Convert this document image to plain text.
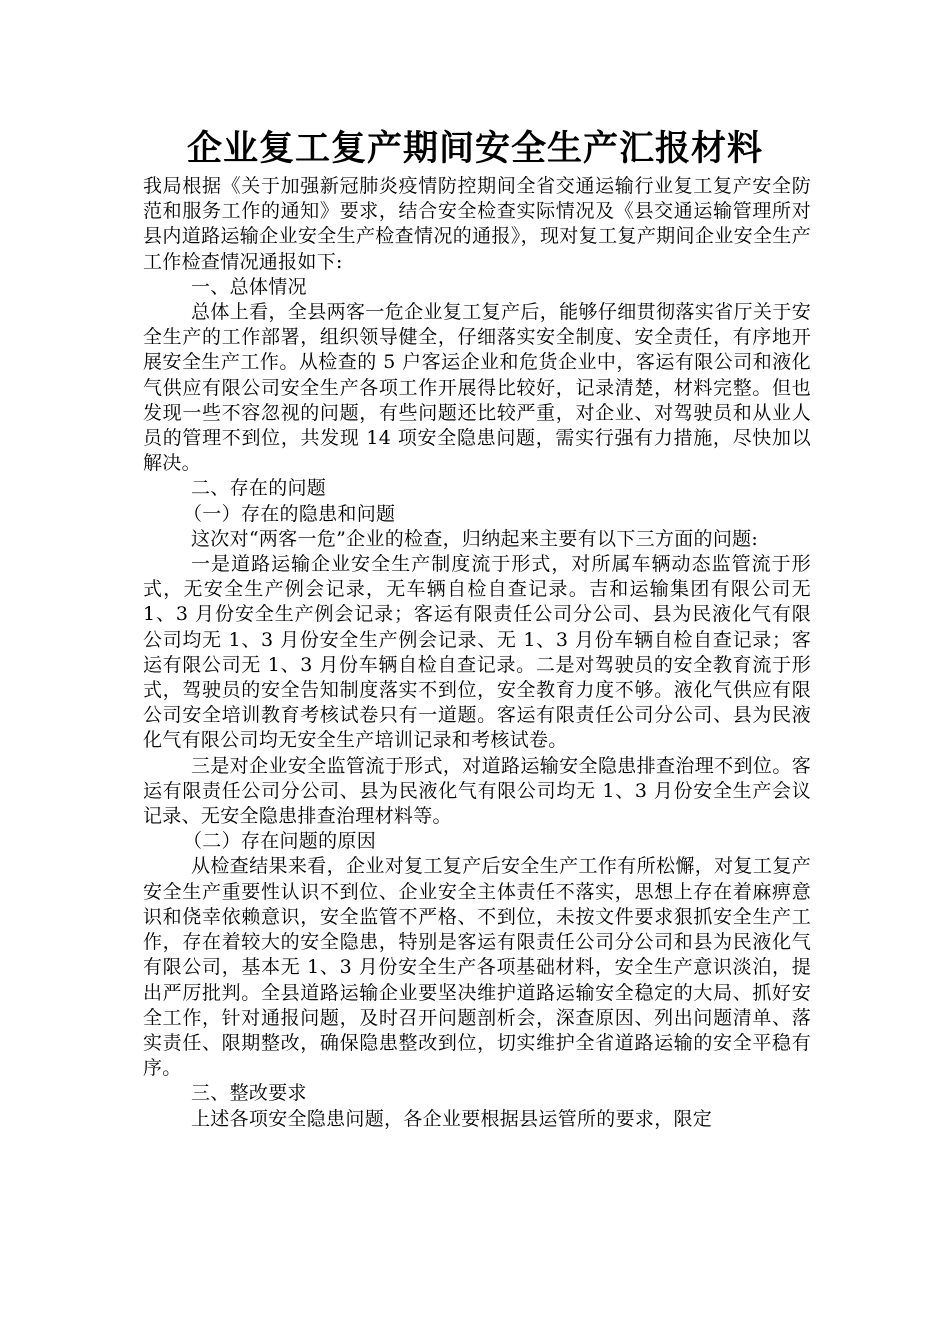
企业复工复产期间安全生产汇报材料

我局根据《关于加强新冠肺炎疫情防控期间全省交通运输行业复工复产安全防范和服务工作的通知》要求，结合安全检查实际情况及《县交通运输管理所对县内道路运输企业安全生产检查情况的通报》，现对复工复产期间企业安全生产工作检查情况通报如下:

一、总体情况

总体上看，全县两客一危企业复工复产后，能够仔细贯彻落实省厅关于安全生产的工作部署，组织领导健全，仔细落实安全制度、安全责任，有序地开展安全生产工作。从检查的 5 户客运企业和危货企业中，客运有限公司和液化气供应有限公司安全生产各项工作开展得比较好，记录清楚，材料完整。但也发现一些不容忽视的问题，有些问题还比较严重，对企业、对驾驶员和从业人员的管理不到位，共发现 14 项安全隐患问题，需实行强有力措施，尽快加以解决。

二、存在的问题

（一）存在的隐患和问题

这次对“两客一危”企业的检查，归纳起来主要有以下三方面的问题:

一是道路运输企业安全生产制度流于形式，对所属车辆动态监管流于形式，无安全生产例会记录，无车辆自检自查记录。吉和运输集团有限公司无 1、3 月份安全生产例会记录；客运有限责任公司分公司、县为民液化气有限公司均无 1、3 月份安全生产例会记录、无 1、3 月份车辆自检自查记录；客运有限公司无 1、3 月份车辆自检自查记录。二是对驾驶员的安全教育流于形式，驾驶员的安全告知制度落实不到位，安全教育力度不够。液化气供应有限公司安全培训教育考核试卷只有一道题。客运有限责任公司分公司、县为民液化气有限公司均无安全生产培训记录和考核试卷。

三是对企业安全监管流于形式，对道路运输安全隐患排查治理不到位。客运有限责任公司分公司、县为民液化气有限公司均无 1、3 月份安全生产会议记录、无安全隐患排查治理材料等。

（二）存在问题的原因

从检查结果来看，企业对复工复产后安全生产工作有所松懈，对复工复产安全生产重要性认识不到位、企业安全主体责任不落实，思想上存在着麻痹意识和侥幸依赖意识，安全监管不严格、不到位，未按文件要求狠抓安全生产工作，存在着较大的安全隐患，特别是客运有限责任公司分公司和县为民液化气有限公司，基本无 1、3 月份安全生产各项基础材料，安全生产意识淡泊，提出严厉批判。全县道路运输企业要坚决维护道路运输安全稳定的大局、抓好安全工作，针对通报问题，及时召开问题剖析会，深查原因、列出问题清单、落实责任、限期整改，确保隐患整改到位，切实维护全省道路运输的安全平稳有序。

三、整改要求

上述各项安全隐患问题，各企业要根据县运管所的要求，限定
